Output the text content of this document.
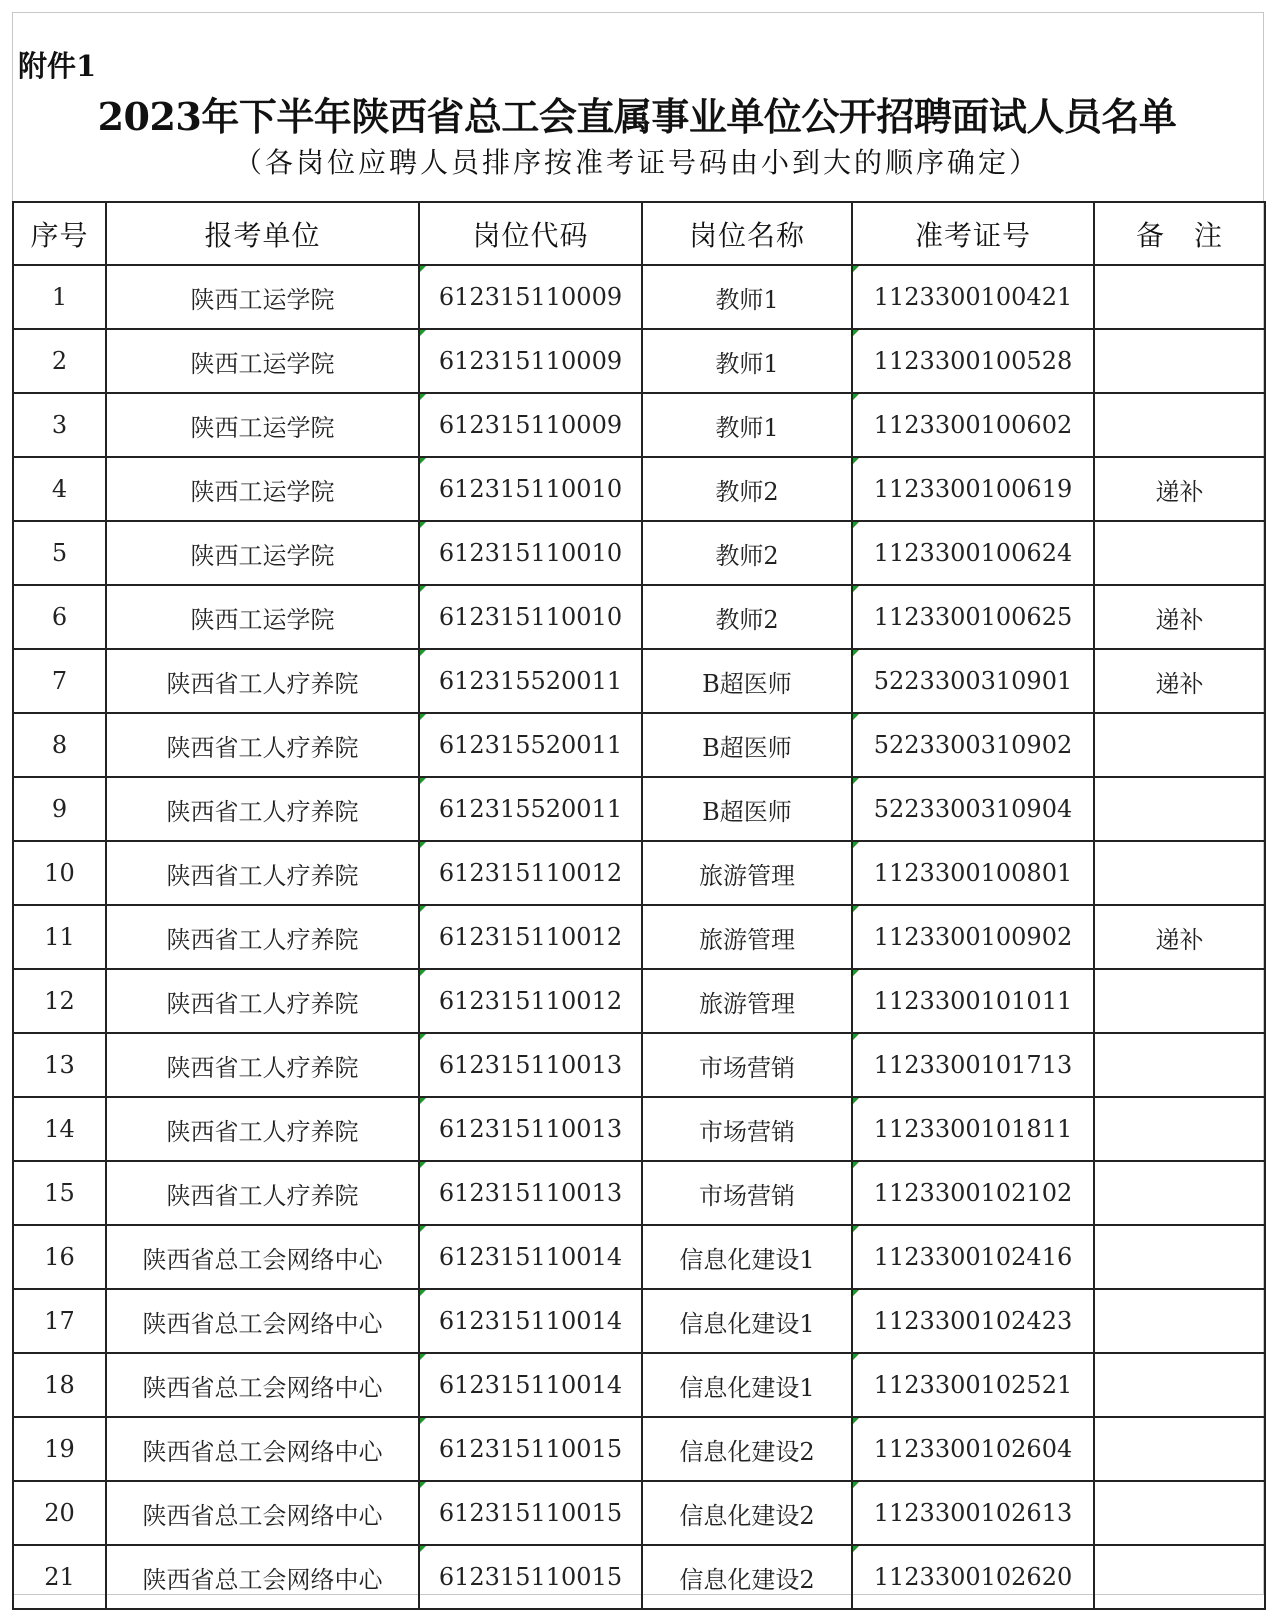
附件1
2023年下半年陕西省总工会直属事业单位公开招聘面试人员名单
（各岗位应聘人员排序按准考证号码由小到大的顺序确定）
序号	报考单位	岗位代码	岗位名称	准考证号	备　注
1	陕西工运学院	612315110009	教师1	1123300100421	
2	陕西工运学院	612315110009	教师1	1123300100528	
3	陕西工运学院	612315110009	教师1	1123300100602	
4	陕西工运学院	612315110010	教师2	1123300100619	递补
5	陕西工运学院	612315110010	教师2	1123300100624	
6	陕西工运学院	612315110010	教师2	1123300100625	递补
7	陕西省工人疗养院	612315520011	B超医师	5223300310901	递补
8	陕西省工人疗养院	612315520011	B超医师	5223300310902	
9	陕西省工人疗养院	612315520011	B超医师	5223300310904	
10	陕西省工人疗养院	612315110012	旅游管理	1123300100801	
11	陕西省工人疗养院	612315110012	旅游管理	1123300100902	递补
12	陕西省工人疗养院	612315110012	旅游管理	1123300101011	
13	陕西省工人疗养院	612315110013	市场营销	1123300101713	
14	陕西省工人疗养院	612315110013	市场营销	1123300101811	
15	陕西省工人疗养院	612315110013	市场营销	1123300102102	
16	陕西省总工会网络中心	612315110014	信息化建设1	1123300102416	
17	陕西省总工会网络中心	612315110014	信息化建设1	1123300102423	
18	陕西省总工会网络中心	612315110014	信息化建设1	1123300102521	
19	陕西省总工会网络中心	612315110015	信息化建设2	1123300102604	
20	陕西省总工会网络中心	612315110015	信息化建设2	1123300102613	
21	陕西省总工会网络中心	612315110015	信息化建设2	1123300102620	
